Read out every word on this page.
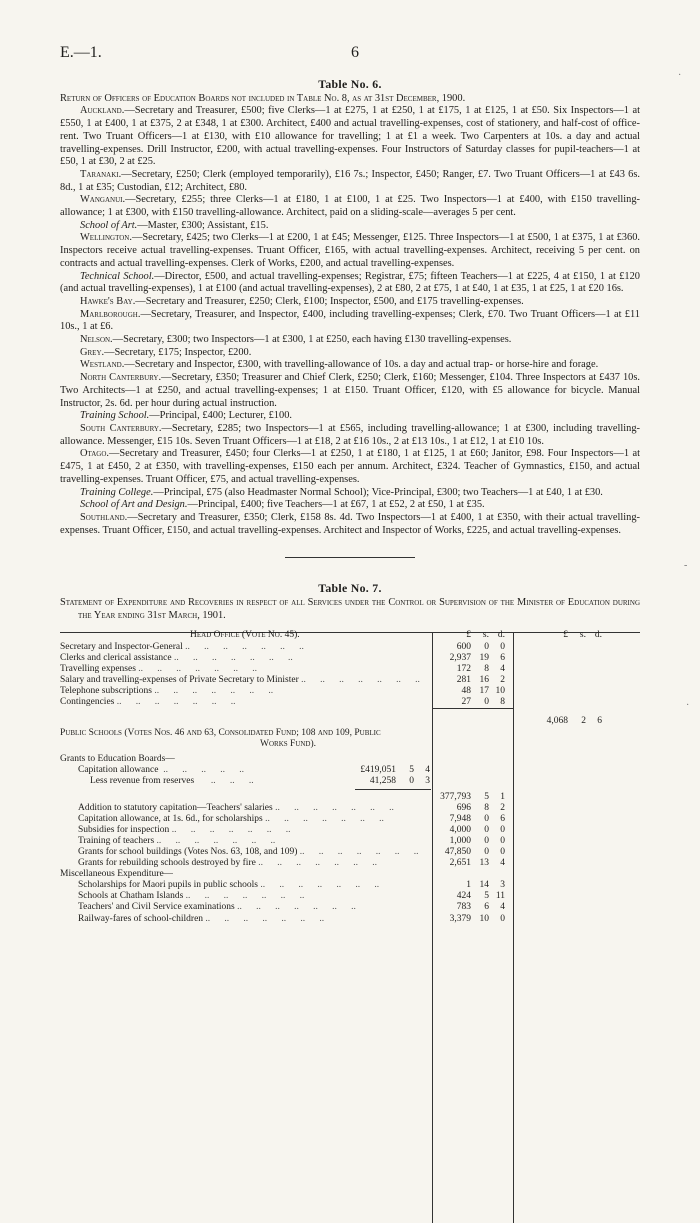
E.—1.	6
·
-
·
Table No. 6.
Return of Officers of Education Boards not included in Table No. 8, as at 31st December, 1900.
Auckland.—Secretary and Treasurer, £500; five Clerks—1 at £275, 1 at £250, 1 at £175, 1 at £125, 1 at £50. Six Inspectors—1 at £550, 1 at £400, 1 at £375, 2 at £348, 1 at £300. Architect, £400 and actual travelling-expenses, cost of stationery, and half-cost of office-rent. Two Truant Officers—1 at £130, with £10 allowance for travelling; 1 at £1 a week. Two Carpenters at 10s. a day and actual travelling-expenses. Drill Instructor, £200, with actual travelling-expenses. Four Instructors of Saturday classes for pupil-teachers—1 at £50, 1 at £30, 2 at £25.
Taranaki.—Secretary, £250; Clerk (employed temporarily), £16 7s.; Inspector, £450; Ranger, £7. Two Truant Officers—1 at £43 6s. 8d., 1 at £35; Custodian, £12; Architect, £80.
Wanganui.—Secretary, £255; three Clerks—1 at £180, 1 at £100, 1 at £25. Two Inspectors—1 at £400, with £150 travelling-allowance; 1 at £300, with £150 travelling-allowance. Architect, paid on a sliding-scale—averages 5 per cent.
School of Art.—Master, £300; Assistant, £15.
Wellington.—Secretary, £425; two Clerks—1 at £200, 1 at £45; Messenger, £125. Three Inspectors—1 at £500, 1 at £375, 1 at £360. Inspectors receive actual travelling-expenses. Truant Officer, £165, with actual travelling-expenses. Architect, receiving 5 per cent. on contracts and actual travelling-expenses. Clerk of Works, £200, and actual travelling-expenses.
Technical School.—Director, £500, and actual travelling-expenses; Registrar, £75; fifteen Teachers—1 at £225, 4 at £150, 1 at £120 (and actual travelling-expenses), 1 at £100 (and actual travelling-expenses), 2 at £80, 2 at £75, 1 at £40, 1 at £35, 1 at £25, 1 at £20 16s.
Hawke's Bay.—Secretary and Treasurer, £250; Clerk, £100; Inspector, £500, and £175 travelling-expenses.
Marlborough.—Secretary, Treasurer, and Inspector, £400, including travelling-expenses; Clerk, £70. Two Truant Officers—1 at £11 10s., 1 at £6.
Nelson.—Secretary, £300; two Inspectors—1 at £300, 1 at £250, each having £130 travelling-expenses.
Grey.—Secretary, £175; Inspector, £200.
Westland.—Secretary and Inspector, £300, with travelling-allowance of 10s. a day and actual trap- or horse-hire and forage.
North Canterbury.—Secretary, £350; Treasurer and Chief Clerk, £250; Clerk, £160; Messenger, £104. Three Inspectors at £437 10s. Two Architects—1 at £250, and actual travelling-expenses; 1 at £150. Truant Officer, £120, with £5 allowance for bicycle. Manual Instructor, 2s. 6d. per hour during actual instruction.
Training School.—Principal, £400; Lecturer, £100.
South Canterbury.—Secretary, £285; two Inspectors—1 at £565, including travelling-allowance; 1 at £300, including travelling-allowance. Messenger, £15 10s. Seven Truant Officers—1 at £18, 2 at £16 10s., 2 at £13 10s., 1 at £12, 1 at £10 10s.
Otago.—Secretary and Treasurer, £450; four Clerks—1 at £250, 1 at £180, 1 at £125, 1 at £60; Janitor, £98. Four Inspectors—1 at £475, 1 at £450, 2 at £350, with travelling-expenses, £150 each per annum. Architect, £324. Teacher of Gymnastics, £150, and actual travelling-expenses. Truant Officer, £75, and actual travelling-expenses.
Training College.—Principal, £75 (also Headmaster Normal School); Vice-Principal, £300; two Teachers—1 at £40, 1 at £30.
School of Art and Design.—Principal, £400; five Teachers—1 at £67, 1 at £52, 2 at £50, 1 at £35.
Southland.—Secretary and Treasurer, £350; Clerk, £158 8s. 4d. Two Inspectors—1 at £400, 1 at £350, with their actual travelling-expenses. Truant Officer, £150, and actual travelling-expenses. Architect and Inspector of Works, £225, and actual travelling-expenses.
Table No. 7.
Statement of Expenditure and Recoveries in respect of all Services under the Control or Supervision of the Minister of Education during the Year ending 31st March, 1901.
Head Office (Vote No. 45).	£ s. d.	£ s. d.
Secretary and Inspector-General ..      ..      ..      ..      ..      ..      ..	600 0 0
Clerks and clerical assistance ..      ..      ..      ..      ..      ..      ..	2,937 19 6
Travelling expenses ..      ..      ..      ..      ..      ..      ..	172 8 4
Salary and travelling-expenses of Private Secretary to Minister ..      ..      ..      ..      ..      ..      ..	281 16 2
Telephone subscriptions ..      ..      ..      ..      ..      ..      ..	48 17 10
Contingencies ..      ..      ..      ..      ..      ..      ..	27 0 8
4,068 2 6
Public Schools (Votes Nos. 46 and 63, Consolidated Fund; 108 and 109, Public
Works Fund).
Grants to Education Boards—
Capitation allowance  ..      ..      ..      ..      ..	£419,051 5 4
Less revenue from reserves       ..      ..      ..	41,258 0 3
377,793 5 1
Addition to statutory capitation—Teachers' salaries ..      ..      ..      ..      ..      ..      ..	696 8 2
Capitation allowance, at 1s. 6d., for scholarships ..      ..      ..      ..      ..      ..      ..	7,948 0 6
Subsidies for inspection ..      ..      ..      ..      ..      ..      ..	4,000 0 0
Training of teachers ..      ..      ..      ..      ..      ..      ..	1,000 0 0
Grants for school buildings (Votes Nos. 63, 108, and 109) ..      ..      ..      ..      ..      ..      ..	47,850 0 0
Grants for rebuilding schools destroyed by fire ..      ..      ..      ..      ..      ..      ..	2,651 13 4
Miscellaneous Expenditure—
Scholarships for Maori pupils in public schools ..      ..      ..      ..      ..      ..      ..	1 14 3
Schools at Chatham Islands ..      ..      ..      ..      ..      ..      ..	424 5 11
Teachers' and Civil Service examinations ..      ..      ..      ..      ..      ..      ..	783 6 4
Railway-fares of school-children ..      ..      ..      ..      ..      ..      ..	3,379 10 0
